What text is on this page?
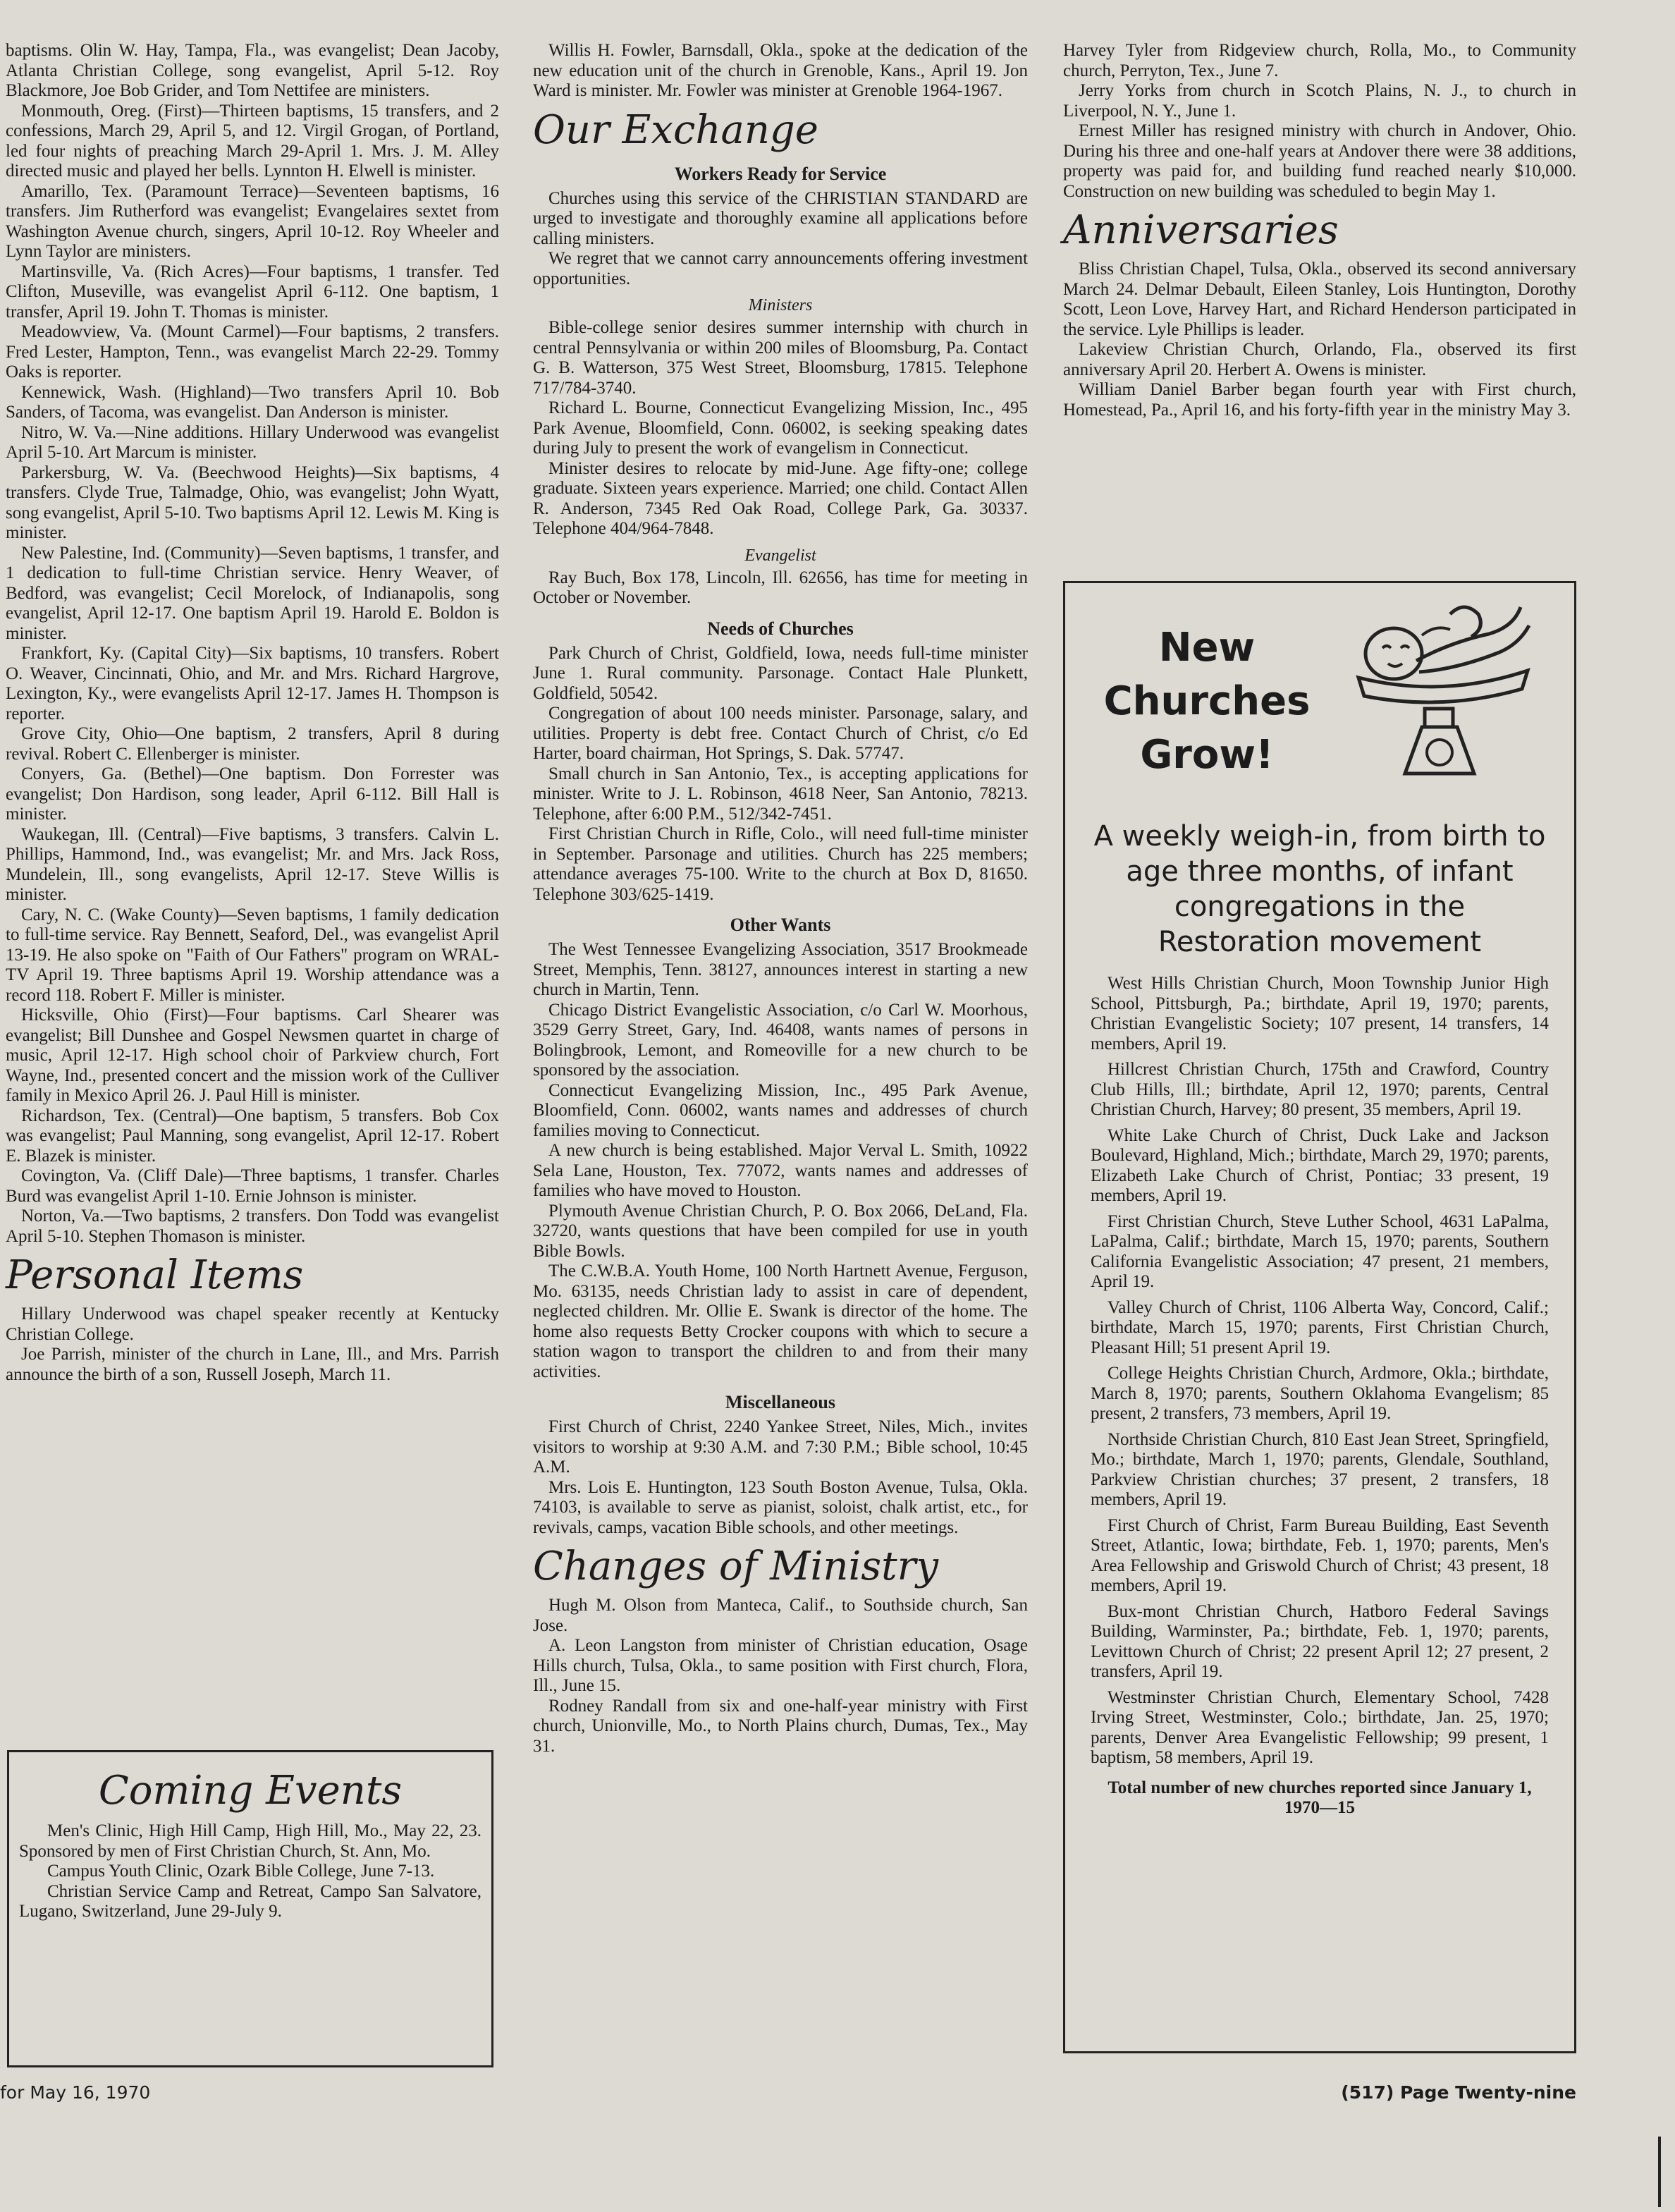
baptisms. Olin W. Hay, Tampa, Fla., was evangelist; Dean Jacoby, Atlanta Christian College, song evangelist, April 5-12. Roy Blackmore, Joe Bob Grider, and Tom Nettifee are ministers.

Monmouth, Oreg. (First)—Thirteen baptisms, 15 transfers, and 2 confessions, March 29, April 5, and 12. Virgil Grogan, of Portland, led four nights of preaching March 29-April 1. Mrs. J. M. Alley directed music and played her bells. Lynnton H. Elwell is minister.

Amarillo, Tex. (Paramount Terrace)—Seventeen baptisms, 16 transfers. Jim Rutherford was evangelist; Evangelaires sextet from Washington Avenue church, singers, April 10-12. Roy Wheeler and Lynn Taylor are ministers.

Martinsville, Va. (Rich Acres)—Four baptisms, 1 transfer. Ted Clifton, Museville, was evangelist April 6-112. One baptism, 1 transfer, April 19. John T. Thomas is minister.

Meadowview, Va. (Mount Carmel)—Four baptisms, 2 transfers. Fred Lester, Hampton, Tenn., was evangelist March 22-29. Tommy Oaks is reporter.

Kennewick, Wash. (Highland)—Two transfers April 10. Bob Sanders, of Tacoma, was evangelist. Dan Anderson is minister.

Nitro, W. Va.—Nine additions. Hillary Underwood was evangelist April 5-10. Art Marcum is minister.

Parkersburg, W. Va. (Beechwood Heights)—Six baptisms, 4 transfers. Clyde True, Talmadge, Ohio, was evangelist; John Wyatt, song evangelist, April 5-10. Two baptisms April 12. Lewis M. King is minister.

New Palestine, Ind. (Community)—Seven baptisms, 1 transfer, and 1 dedication to full-time Christian service. Henry Weaver, of Bedford, was evangelist; Cecil Morelock, of Indianapolis, song evangelist, April 12-17. One baptism April 19. Harold E. Boldon is minister.

Frankfort, Ky. (Capital City)—Six baptisms, 10 transfers. Robert O. Weaver, Cincinnati, Ohio, and Mr. and Mrs. Richard Hargrove, Lexington, Ky., were evangelists April 12-17. James H. Thompson is reporter.

Grove City, Ohio—One baptism, 2 transfers, April 8 during revival. Robert C. Ellenberger is minister.

Conyers, Ga. (Bethel)—One baptism. Don Forrester was evangelist; Don Hardison, song leader, April 6-112. Bill Hall is minister.

Waukegan, Ill. (Central)—Five baptisms, 3 transfers. Calvin L. Phillips, Hammond, Ind., was evangelist; Mr. and Mrs. Jack Ross, Mundelein, Ill., song evangelists, April 12-17. Steve Willis is minister.

Cary, N. C. (Wake County)—Seven baptisms, 1 family dedication to full-time service. Ray Bennett, Seaford, Del., was evangelist April 13-19. He also spoke on "Faith of Our Fathers" program on WRAL-TV April 19. Three baptisms April 19. Worship attendance was a record 118. Robert F. Miller is minister.

Hicksville, Ohio (First)—Four baptisms. Carl Shearer was evangelist; Bill Dunshee and Gospel Newsmen quartet in charge of music, April 12-17. High school choir of Parkview church, Fort Wayne, Ind., presented concert and the mission work of the Culliver family in Mexico April 26. J. Paul Hill is minister.

Richardson, Tex. (Central)—One baptism, 5 transfers. Bob Cox was evangelist; Paul Manning, song evangelist, April 12-17. Robert E. Blazek is minister.

Covington, Va. (Cliff Dale)—Three baptisms, 1 transfer. Charles Burd was evangelist April 1-10. Ernie Johnson is minister.

Norton, Va.—Two baptisms, 2 transfers. Don Todd was evangelist April 5-10. Stephen Thomason is minister.

Personal Items

Hillary Underwood was chapel speaker recently at Kentucky Christian College.

Joe Parrish, minister of the church in Lane, Ill., and Mrs. Parrish announce the birth of a son, Russell Joseph, March 11.

Coming Events

Men's Clinic, High Hill Camp, High Hill, Mo., May 22, 23. Sponsored by men of First Christian Church, St. Ann, Mo.

Campus Youth Clinic, Ozark Bible College, June 7-13.

Christian Service Camp and Retreat, Campo San Salvatore, Lugano, Switzerland, June 29-July 9.

Willis H. Fowler, Barnsdall, Okla., spoke at the dedication of the new education unit of the church in Grenoble, Kans., April 19. Jon Ward is minister. Mr. Fowler was minister at Grenoble 1964-1967.

Our Exchange
Workers Ready for Service

Churches using this service of the CHRISTIAN STANDARD are urged to investigate and thoroughly examine all applications before calling ministers.

We regret that we cannot carry announcements offering investment opportunities.

Ministers

Bible-college senior desires summer internship with church in central Pennsylvania or within 200 miles of Bloomsburg, Pa. Contact G. B. Watterson, 375 West Street, Bloomsburg, 17815. Telephone 717/784-3740.

Richard L. Bourne, Connecticut Evangelizing Mission, Inc., 495 Park Avenue, Bloomfield, Conn. 06002, is seeking speaking dates during July to present the work of evangelism in Connecticut.

Minister desires to relocate by mid-June. Age fifty-one; college graduate. Sixteen years experience. Married; one child. Contact Allen R. Anderson, 7345 Red Oak Road, College Park, Ga. 30337. Telephone 404/964-7848.

Evangelist

Ray Buch, Box 178, Lincoln, Ill. 62656, has time for meeting in October or November.

Needs of Churches

Park Church of Christ, Goldfield, Iowa, needs full-time minister June 1. Rural community. Parsonage. Contact Hale Plunkett, Goldfield, 50542.

Congregation of about 100 needs minister. Parsonage, salary, and utilities. Property is debt free. Contact Church of Christ, c/o Ed Harter, board chairman, Hot Springs, S. Dak. 57747.

Small church in San Antonio, Tex., is accepting applications for minister. Write to J. L. Robinson, 4618 Neer, San Antonio, 78213. Telephone, after 6:00 P.M., 512/342-7451.

First Christian Church in Rifle, Colo., will need full-time minister in September. Parsonage and utilities. Church has 225 members; attendance averages 75-100. Write to the church at Box D, 81650. Telephone 303/625-1419.

Other Wants

The West Tennessee Evangelizing Association, 3517 Brookmeade Street, Memphis, Tenn. 38127, announces interest in starting a new church in Martin, Tenn.

Chicago District Evangelistic Association, c/o Carl W. Moorhous, 3529 Gerry Street, Gary, Ind. 46408, wants names of persons in Bolingbrook, Lemont, and Romeoville for a new church to be sponsored by the association.

Connecticut Evangelizing Mission, Inc., 495 Park Avenue, Bloomfield, Conn. 06002, wants names and addresses of church families moving to Connecticut.

A new church is being established. Major Verval L. Smith, 10922 Sela Lane, Houston, Tex. 77072, wants names and addresses of families who have moved to Houston.

Plymouth Avenue Christian Church, P. O. Box 2066, DeLand, Fla. 32720, wants questions that have been compiled for use in youth Bible Bowls.

The C.W.B.A. Youth Home, 100 North Hartnett Avenue, Ferguson, Mo. 63135, needs Christian lady to assist in care of dependent, neglected children. Mr. Ollie E. Swank is director of the home. The home also requests Betty Crocker coupons with which to secure a station wagon to transport the children to and from their many activities.

Miscellaneous

First Church of Christ, 2240 Yankee Street, Niles, Mich., invites visitors to worship at 9:30 A.M. and 7:30 P.M.; Bible school, 10:45 A.M.

Mrs. Lois E. Huntington, 123 South Boston Avenue, Tulsa, Okla. 74103, is available to serve as pianist, soloist, chalk artist, etc., for revivals, camps, vacation Bible schools, and other meetings.

Changes of Ministry

Hugh M. Olson from Manteca, Calif., to Southside church, San Jose.

A. Leon Langston from minister of Christian education, Osage Hills church, Tulsa, Okla., to same position with First church, Flora, Ill., June 15.

Rodney Randall from six and one-half-year ministry with First church, Unionville, Mo., to North Plains church, Dumas, Tex., May 31.

Harvey Tyler from Ridgeview church, Rolla, Mo., to Community church, Perryton, Tex., June 7.

Jerry Yorks from church in Scotch Plains, N. J., to church in Liverpool, N. Y., June 1.

Ernest Miller has resigned ministry with church in Andover, Ohio. During his three and one-half years at Andover there were 38 additions, property was paid for, and building fund reached nearly $10,000. Construction on new building was scheduled to begin May 1.

Anniversaries

Bliss Christian Chapel, Tulsa, Okla., observed its second anniversary March 24. Delmar Debault, Eileen Stanley, Lois Huntington, Dorothy Scott, Leon Love, Harvey Hart, and Richard Henderson participated in the service. Lyle Phillips is leader.

Lakeview Christian Church, Orlando, Fla., observed its first anniversary April 20. Herbert A. Owens is minister.

William Daniel Barber began fourth year with First church, Homestead, Pa., April 16, and his forty-fifth year in the ministry May 3.

New
Churches
Grow!
A weekly weigh-in, from birth to age three months, of infant congregations in the Restoration movement

West Hills Christian Church, Moon Township Junior High School, Pittsburgh, Pa.; birthdate, April 19, 1970; parents, Christian Evangelistic Society; 107 present, 14 transfers, 14 members, April 19.

Hillcrest Christian Church, 175th and Crawford, Country Club Hills, Ill.; birthdate, April 12, 1970; parents, Central Christian Church, Harvey; 80 present, 35 members, April 19.

White Lake Church of Christ, Duck Lake and Jackson Boulevard, Highland, Mich.; birthdate, March 29, 1970; parents, Elizabeth Lake Church of Christ, Pontiac; 33 present, 19 members, April 19.

First Christian Church, Steve Luther School, 4631 LaPalma, LaPalma, Calif.; birthdate, March 15, 1970; parents, Southern California Evangelistic Association; 47 present, 21 members, April 19.

Valley Church of Christ, 1106 Alberta Way, Concord, Calif.; birthdate, March 15, 1970; parents, First Christian Church, Pleasant Hill; 51 present April 19.

College Heights Christian Church, Ardmore, Okla.; birthdate, March 8, 1970; parents, Southern Oklahoma Evangelism; 85 present, 2 transfers, 73 members, April 19.

Northside Christian Church, 810 East Jean Street, Springfield, Mo.; birthdate, March 1, 1970; parents, Glendale, Southland, Parkview Christian churches; 37 present, 2 transfers, 18 members, April 19.

First Church of Christ, Farm Bureau Building, East Seventh Street, Atlantic, Iowa; birthdate, Feb. 1, 1970; parents, Men's Area Fellowship and Griswold Church of Christ; 43 present, 18 members, April 19.

Bux-mont Christian Church, Hatboro Federal Savings Building, Warminster, Pa.; birthdate, Feb. 1, 1970; parents, Levittown Church of Christ; 22 present April 12; 27 present, 2 transfers, April 19.

Westminster Christian Church, Elementary School, 7428 Irving Street, Westminster, Colo.; birthdate, Jan. 25, 1970; parents, Denver Area Evangelistic Fellowship; 99 present, 1 baptism, 58 members, April 19.

Total number of new churches reported since January 1, 1970—15

for May 16, 1970	(517) Page Twenty-nine
